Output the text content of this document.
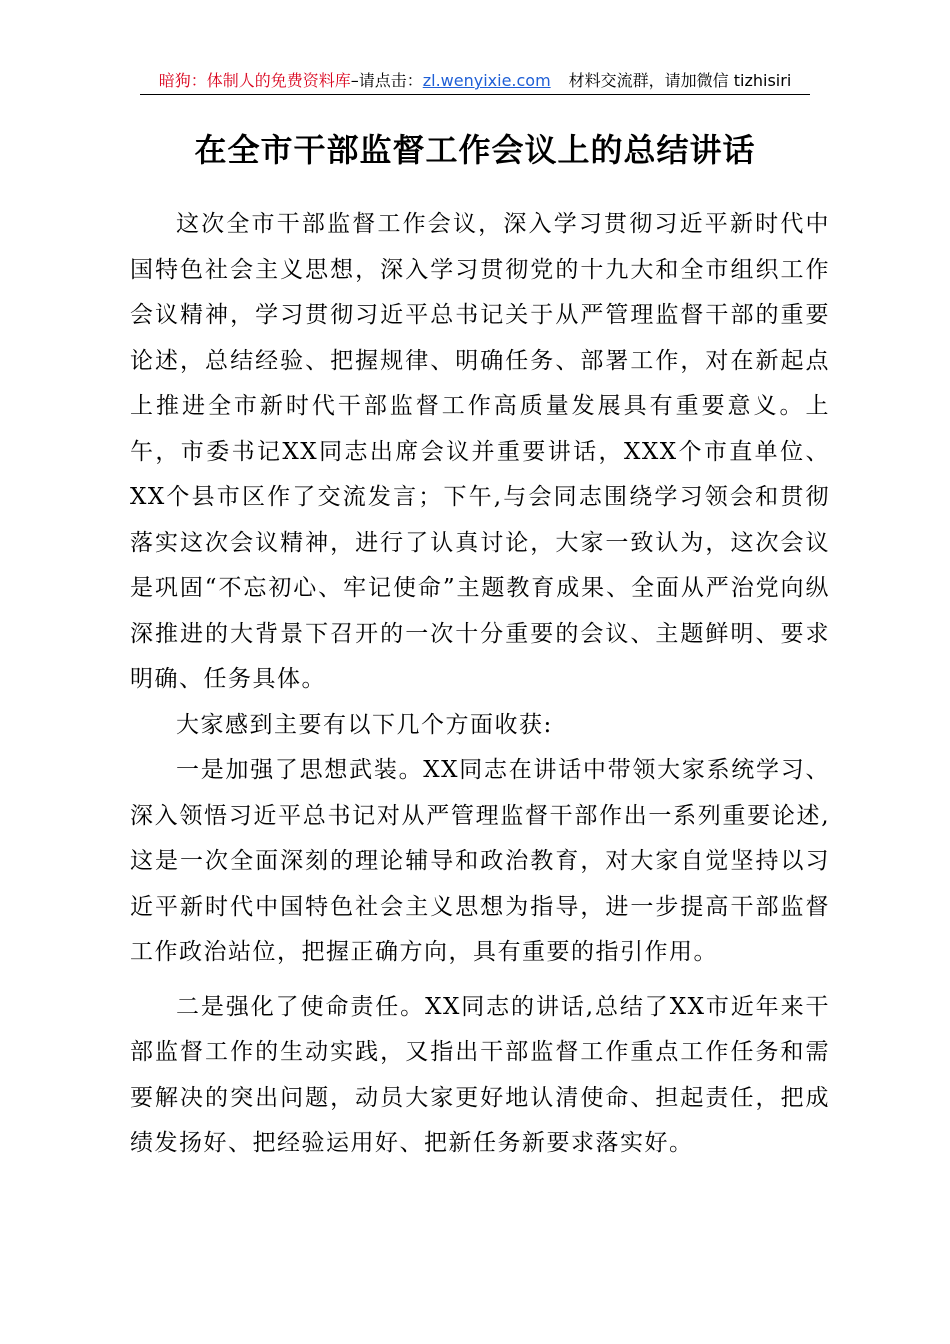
暗狗：体制人的免费资料库–请点击：zl.wenyixie.com 材料交流群，请加微信 tizhisiri
在全市干部监督工作会议上的总结讲话

这次全市干部监督工作会议，深入学习贯彻习近平新时代中国特色社会主义思想，深入学习贯彻党的十九大和全市组织工作会议精神，学习贯彻习近平总书记关于从严管理监督干部的重要论述，总结经验、把握规律、明确任务、部署工作，对在新起点上推进全市新时代干部监督工作高质量发展具有重要意义。上午，市委书记XX同志出席会议并重要讲话，XXX个市直单位、XX个县市区作了交流发言；下午,与会同志围绕学习领会和贯彻落实这次会议精神，进行了认真讨论，大家一致认为，这次会议是巩固“不忘初心、牢记使命”主题教育成果、全面从严治党向纵深推进的大背景下召开的一次十分重要的会议、主题鲜明、要求明确、任务具体。

大家感到主要有以下几个方面收获:

一是加强了思想武装。XX同志在讲话中带领大家系统学习、深入领悟习近平总书记对从严管理监督干部作出一系列重要论述,这是一次全面深刻的理论辅导和政治教育，对大家自觉坚持以习近平新时代中国特色社会主义思想为指导，进一步提高干部监督工作政治站位，把握正确方向，具有重要的指引作用。

二是强化了使命责任。XX同志的讲话,总结了XX市近年来干部监督工作的生动实践，又指出干部监督工作重点工作任务和需要解决的突出问题，动员大家更好地认清使命、担起责任，把成绩发扬好、把经验运用好、把新任务新要求落实好。
